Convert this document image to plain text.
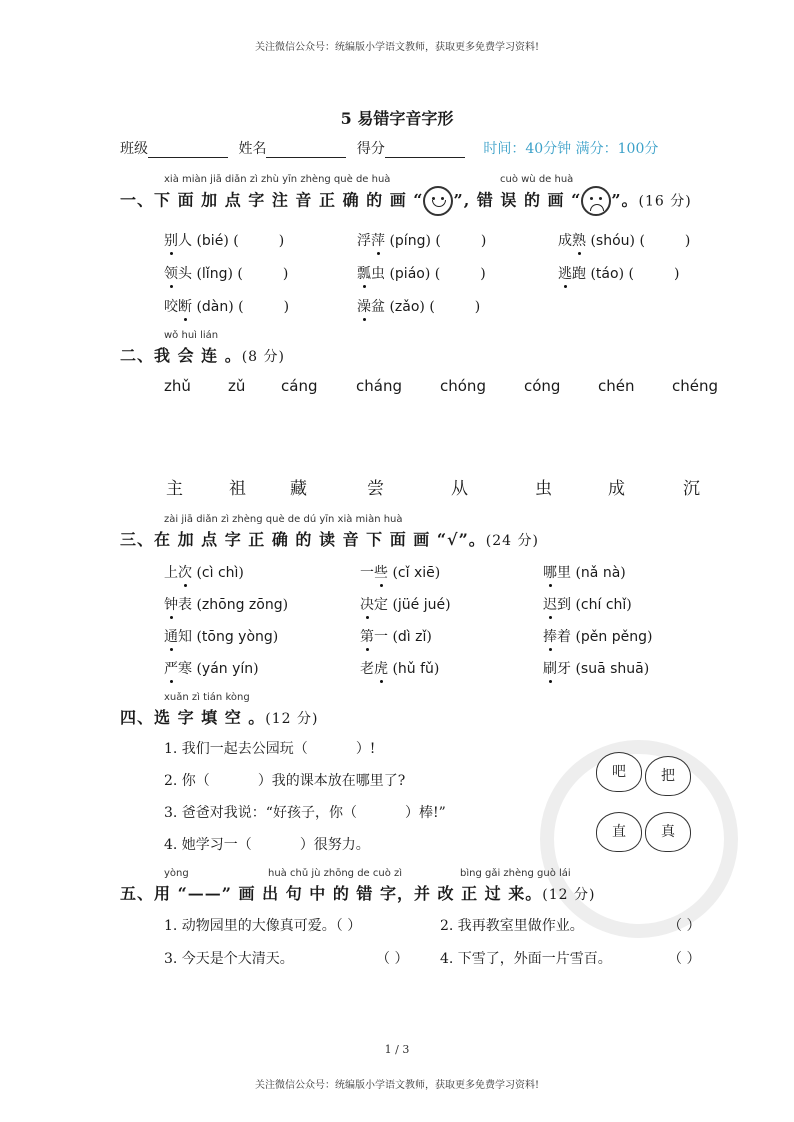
关注微信公众号：统编版小学语文教师，获取更多免费学习资料!
5 易错字音字形
班级	姓名	得分	时间：40分钟 满分：100分
xià miàn jiā diǎn zì zhù yīn zhèng què de huà	cuò wù de huà
一、下 面 加 点 字 注 音 正 确 的 画 “ ”, 错 误 的 画 “ ”。(16 分)
别人 (bié) (	)	浮萍 (píng) (	)	成熟 (shóu) (	)
领头 (lǐng) (	)	瓢虫 (piáo) (	)	逃跑 (táo) (	)
咬断 (dàn) (	)	澡盆 (zǎo) (	)
wǒ huì lián
二、我 会 连 。(8 分)
zhǔ zǔ cáng	cháng	chóng	cóng	chén	chéng
主	祖	藏	尝	从	虫	成	沉
zài jiā diǎn zì zhèng què de dú yīn xià miàn huà
三、在 加 点 字 正 确 的 读 音 下 面 画 “√”。(24 分)
上次 (cì chì)	一些 (cǐ xiē)	哪里 (nǎ nà)
钟表 (zhōng zōng)	决定 (jüé jué)	迟到 (chí chǐ)
通知 (tōng yòng)	第一 (dì zǐ)	捧着 (pěn pěng)
严寒 (yán yín)	老虎 (hǔ fǔ)	刷牙 (suā shuā)
xuǎn zì tián kòng
四、选 字 填 空 。(12 分)
1. 我们一起去公园玩（	）!
2. 你（	）我的课本放在哪里了?
3. 爸爸对我说：“好孩子，你（	）棒!”
4. 她学习一（	）很努力。
吧	把
直	真
yòng	huà chǔ jù zhōng de cuò zì	bìng gǎi zhèng guò lái
五、用 “——” 画 出 句 中 的 错 字，并 改 正 过 来。(12 分)
1. 动物园里的大像真可爱。（ ）	2. 我再教室里做作业。	（ ）
3. 今天是个大清天。	（ ） 4. 下雪了，外面一片雪百。	（ ）
1 / 3
关注微信公众号：统编版小学语文教师，获取更多免费学习资料!
